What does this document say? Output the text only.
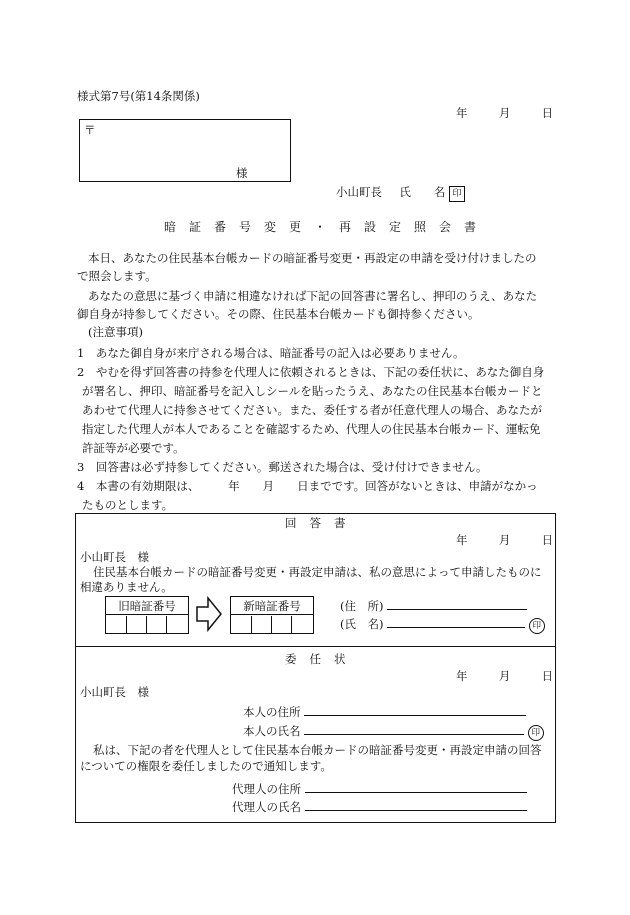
様式第7号(第14条関係)
年	月	日
〒
様
小山町長 氏　　名 印
暗証番号変更・再設定照会書
本日、あなたの住民基本台帳カードの暗証番号変更・再設定の申請を受け付けましたの
で照会します。
あなたの意思に基づく申請に相違なければ下記の回答書に署名し、押印のうえ、あなた
御自身が持参してください。その際、住民基本台帳カードも御持参ください。
(注意事項)
1　あなた御自身が来庁される場合は、暗証番号の記入は必要ありません。
2　やむを得ず回答書の持参を代理人に依頼されるときは、下記の委任状に、あなた御自身
が署名し、押印、暗証番号を記入しシールを貼ったうえ、あなたの住民基本台帳カードと
あわせて代理人に持参させてください。また、委任する者が任意代理人の場合、あなたが
指定した代理人が本人であることを確認するため、代理人の住民基本台帳カード、運転免
許証等が必要です。
3　回答書は必ず持参してください。郵送された場合は、受け付けできません。
4　本書の有効期限は、　　　年　　月　　日までです。回答がないときは、申請がなかっ
たものとします。
回答書
年	月	日
小山町長　様
住民基本台帳カードの暗証番号変更・再設定申請は、私の意思によって申請したものに
相違ありません。
旧暗証番号	新暗証番号	(住　所)
(氏　名)	印
委任状
年	月	日
小山町長　様
本人の住所
本人の氏名	印
私は、下記の者を代理人として住民基本台帳カードの暗証番号変更・再設定申請の回答
についての権限を委任しましたので通知します。
代理人の住所
代理人の氏名
